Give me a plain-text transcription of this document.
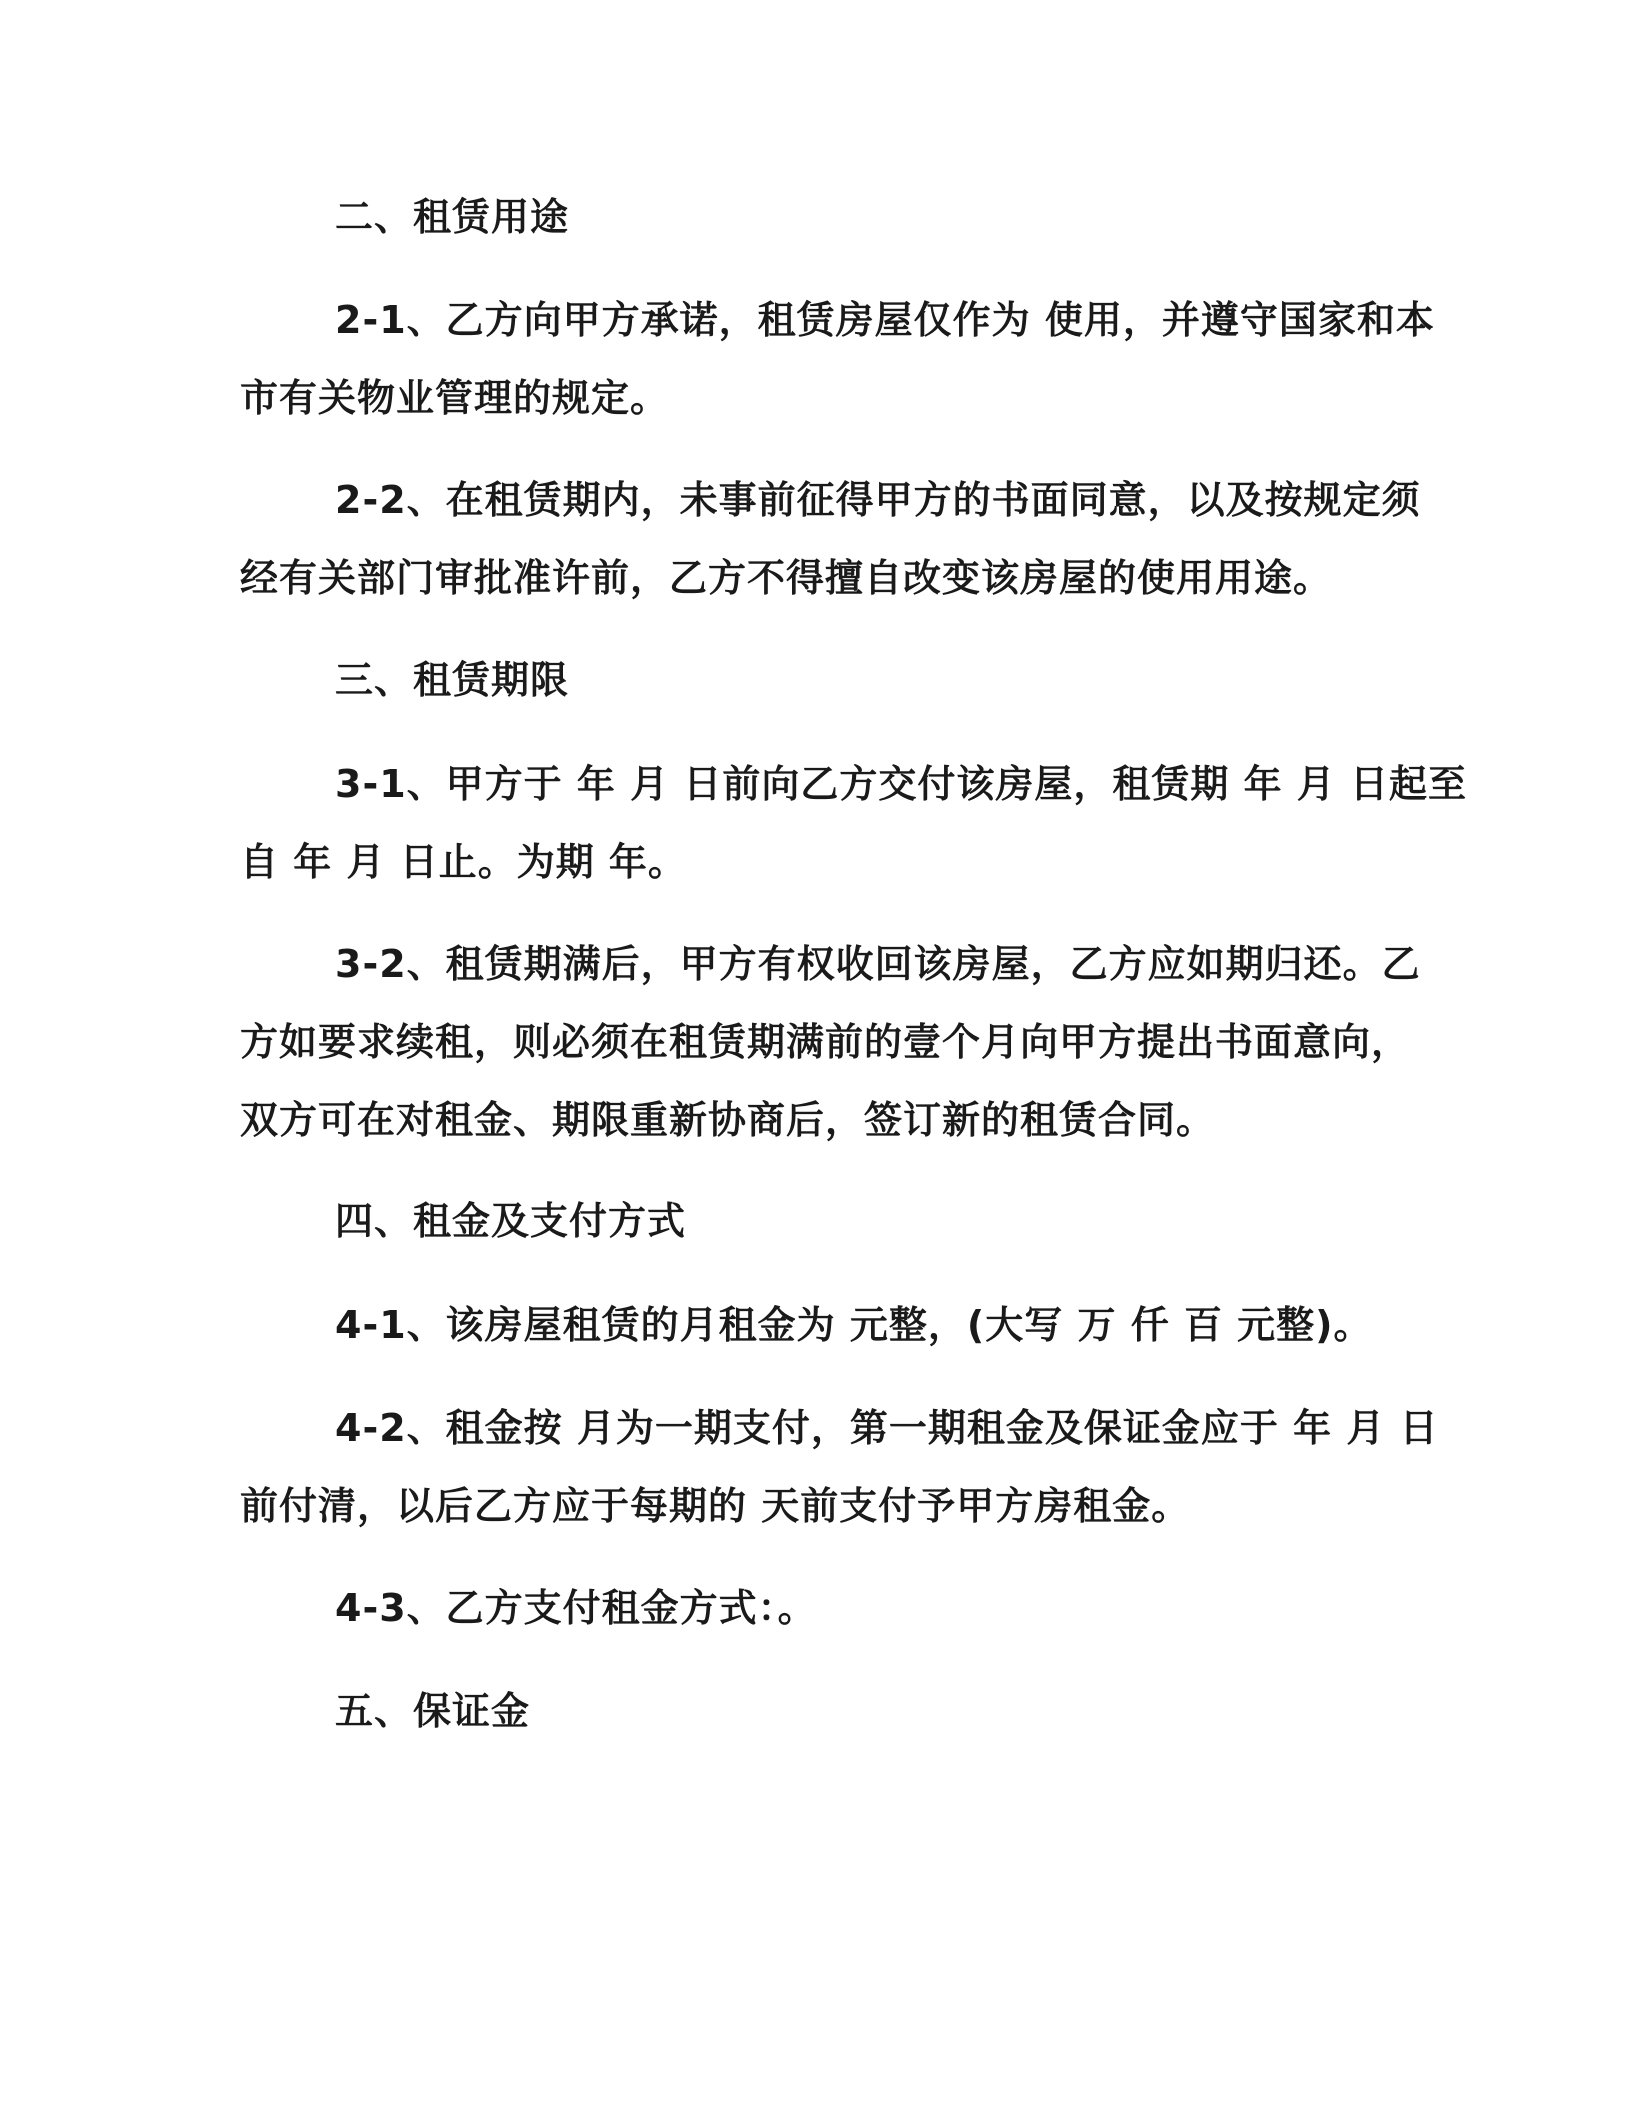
二、租赁用途

2-1、乙方向甲方承诺，租赁房屋仅作为 使用，并遵守国家和本
市有关物业管理的规定。
2-2、在租赁期内，未事前征得甲方的书面同意，以及按规定须
经有关部门审批准许前，乙方不得擅自改变该房屋的使用用途。

三、租赁期限

3-1、甲方于 年 月 日前向乙方交付该房屋，租赁期 年 月 日起至
自 年 月 日止。为期 年。
3-2、租赁期满后，甲方有权收回该房屋，乙方应如期归还。乙
方如要求续租，则必须在租赁期满前的壹个月向甲方提出书面意向，
双方可在对租金、期限重新协商后，签订新的租赁合同。

四、租金及支付方式

4-1、该房屋租赁的月租金为 元整，(大写 万 仟 百 元整)。
4-2、租金按 月为一期支付，第一期租金及保证金应于 年 月 日
前付清，以后乙方应于每期的 天前支付予甲方房租金。
4-3、乙方支付租金方式：。

五、保证金
